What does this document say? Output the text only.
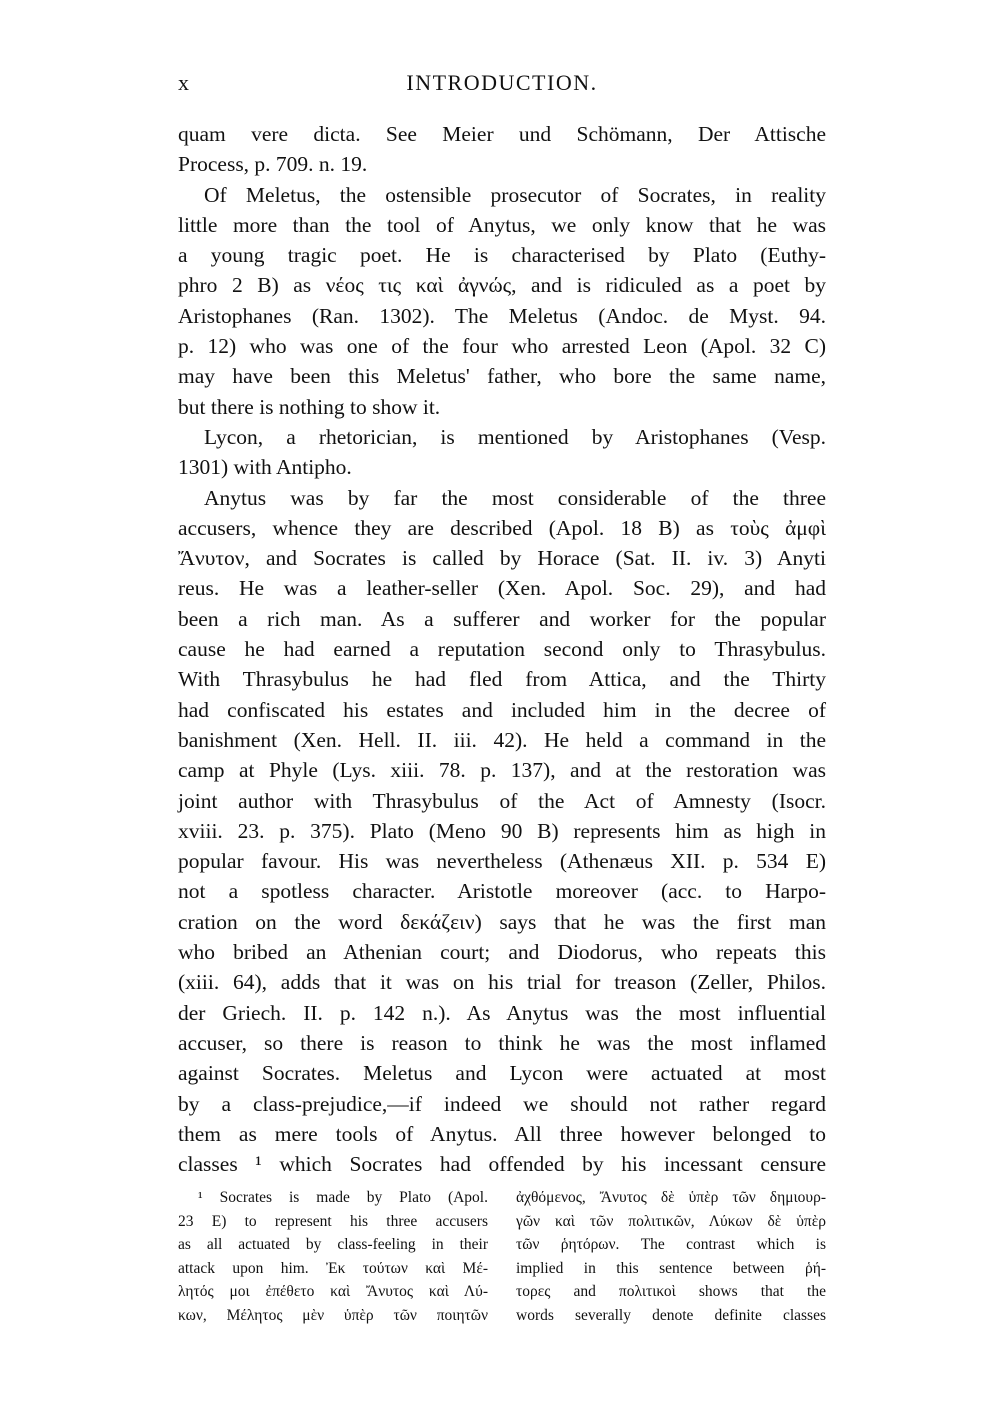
x	INTRODUCTION.
quam vere dicta. See Meier und Schömann, Der Attische
Process, p. 709. n. 19.
Of Meletus, the ostensible prosecutor of Socrates, in reality
little more than the tool of Anytus, we only know that he was
a young tragic poet. He is characterised by Plato (Euthy-
phro 2 B) as νέος τις καὶ ἀγνώς, and is ridiculed as a poet by
Aristophanes (Ran. 1302). The Meletus (Andoc. de Myst. 94.
p. 12) who was one of the four who arrested Leon (Apol. 32 C)
may have been this Meletus' father, who bore the same name,
but there is nothing to show it.
Lycon, a rhetorician, is mentioned by Aristophanes (Vesp.
1301) with Antipho.
Anytus was by far the most considerable of the three
accusers, whence they are described (Apol. 18 B) as τοὺς ἀμφὶ
Ἄνυτον, and Socrates is called by Horace (Sat. II. iv. 3) Anyti
reus. He was a leather-seller (Xen. Apol. Soc. 29), and had
been a rich man. As a sufferer and worker for the popular
cause he had earned a reputation second only to Thrasybulus.
With Thrasybulus he had fled from Attica, and the Thirty
had confiscated his estates and included him in the decree of
banishment (Xen. Hell. II. iii. 42). He held a command in the
camp at Phyle (Lys. xiii. 78. p. 137), and at the restoration was
joint author with Thrasybulus of the Act of Amnesty (Isocr.
xviii. 23. p. 375). Plato (Meno 90 B) represents him as high in
popular favour. His was nevertheless (Athenæus XII. p. 534 E)
not a spotless character. Aristotle moreover (acc. to Harpo-
cration on the word δεκάζειν) says that he was the first man
who bribed an Athenian court; and Diodorus, who repeats this
(xiii. 64), adds that it was on his trial for treason (Zeller, Philos.
der Griech. II. p. 142 n.). As Anytus was the most influential
accuser, so there is reason to think he was the most inflamed
against Socrates. Meletus and Lycon were actuated at most
by a class-prejudice,—if indeed we should not rather regard
them as mere tools of Anytus. All three however belonged to
classes ¹ which Socrates had offended by his incessant censure
¹ Socrates is made by Plato (Apol.
23 E) to represent his three accusers
as all actuated by class-feeling in their
attack upon him. Ἐκ τούτων καὶ Μέ-
λητός μοι ἐπέθετο καὶ Ἄνυτος καὶ Λύ-
κων, Μέλητος μὲν ὑπὲρ τῶν ποιητῶν
ἀχθόμενος, Ἄνυτος δὲ ὑπὲρ τῶν δημιουρ-
γῶν καὶ τῶν πολιτικῶν, Λύκων δὲ ὑπὲρ
τῶν ῥητόρων. The contrast which is
implied in this sentence between ῥή-
τορες and πολιτικοὶ shows that the
words severally denote definite classes
